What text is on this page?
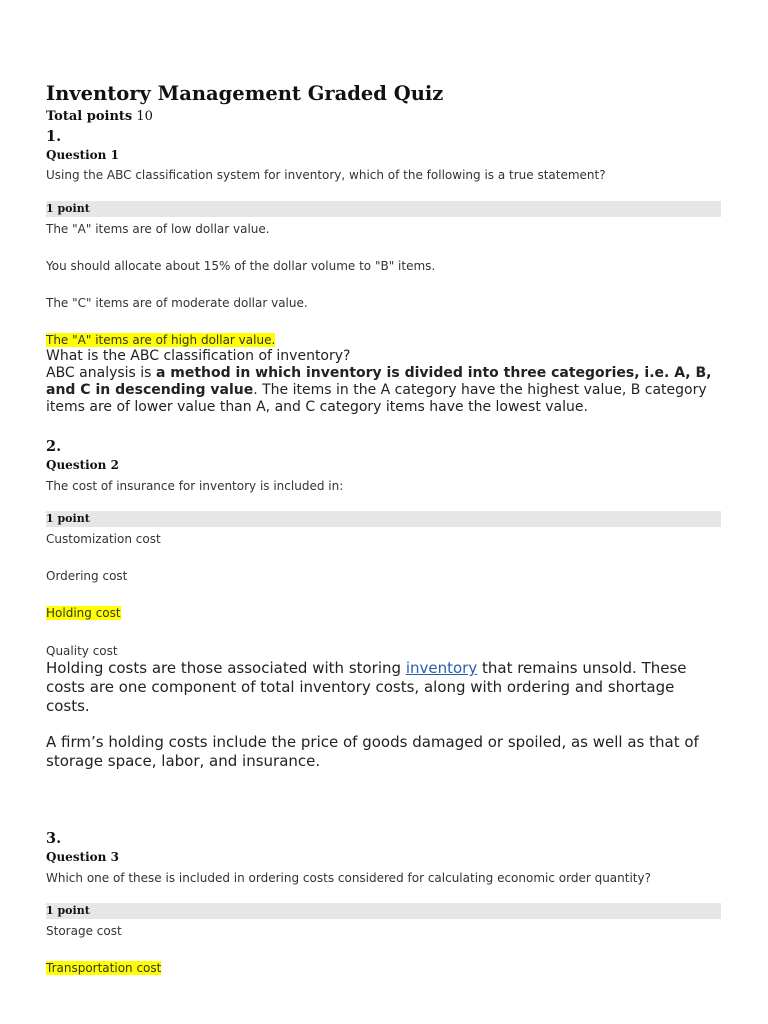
Inventory Management Graded Quiz
Total points 10
1.
Question 1
Using the ABC classification system for inventory, which of the following is a true statement?
1 point
The "A" items are of low dollar value.
You should allocate about 15% of the dollar volume to "B" items.
The "C" items are of moderate dollar value.
The "A" items are of high dollar value.
What is the ABC classification of inventory?
ABC analysis is a method in which inventory is divided into three categories, i.e. A, B, and C in descending value. The items in the A category have the highest value, B category items are of lower value than A, and C category items have the lowest value.
2.
Question 2
The cost of insurance for inventory is included in:
1 point
Customization cost
Ordering cost
Holding cost
Quality cost
Holding costs are those associated with storing inventory that remains unsold. These costs are one component of total inventory costs, along with ordering and shortage costs.
A firm’s holding costs include the price of goods damaged or spoiled, as well as that of storage space, labor, and insurance.
3.
Question 3
Which one of these is included in ordering costs considered for calculating economic order quantity?
1 point
Storage cost
Transportation cost
